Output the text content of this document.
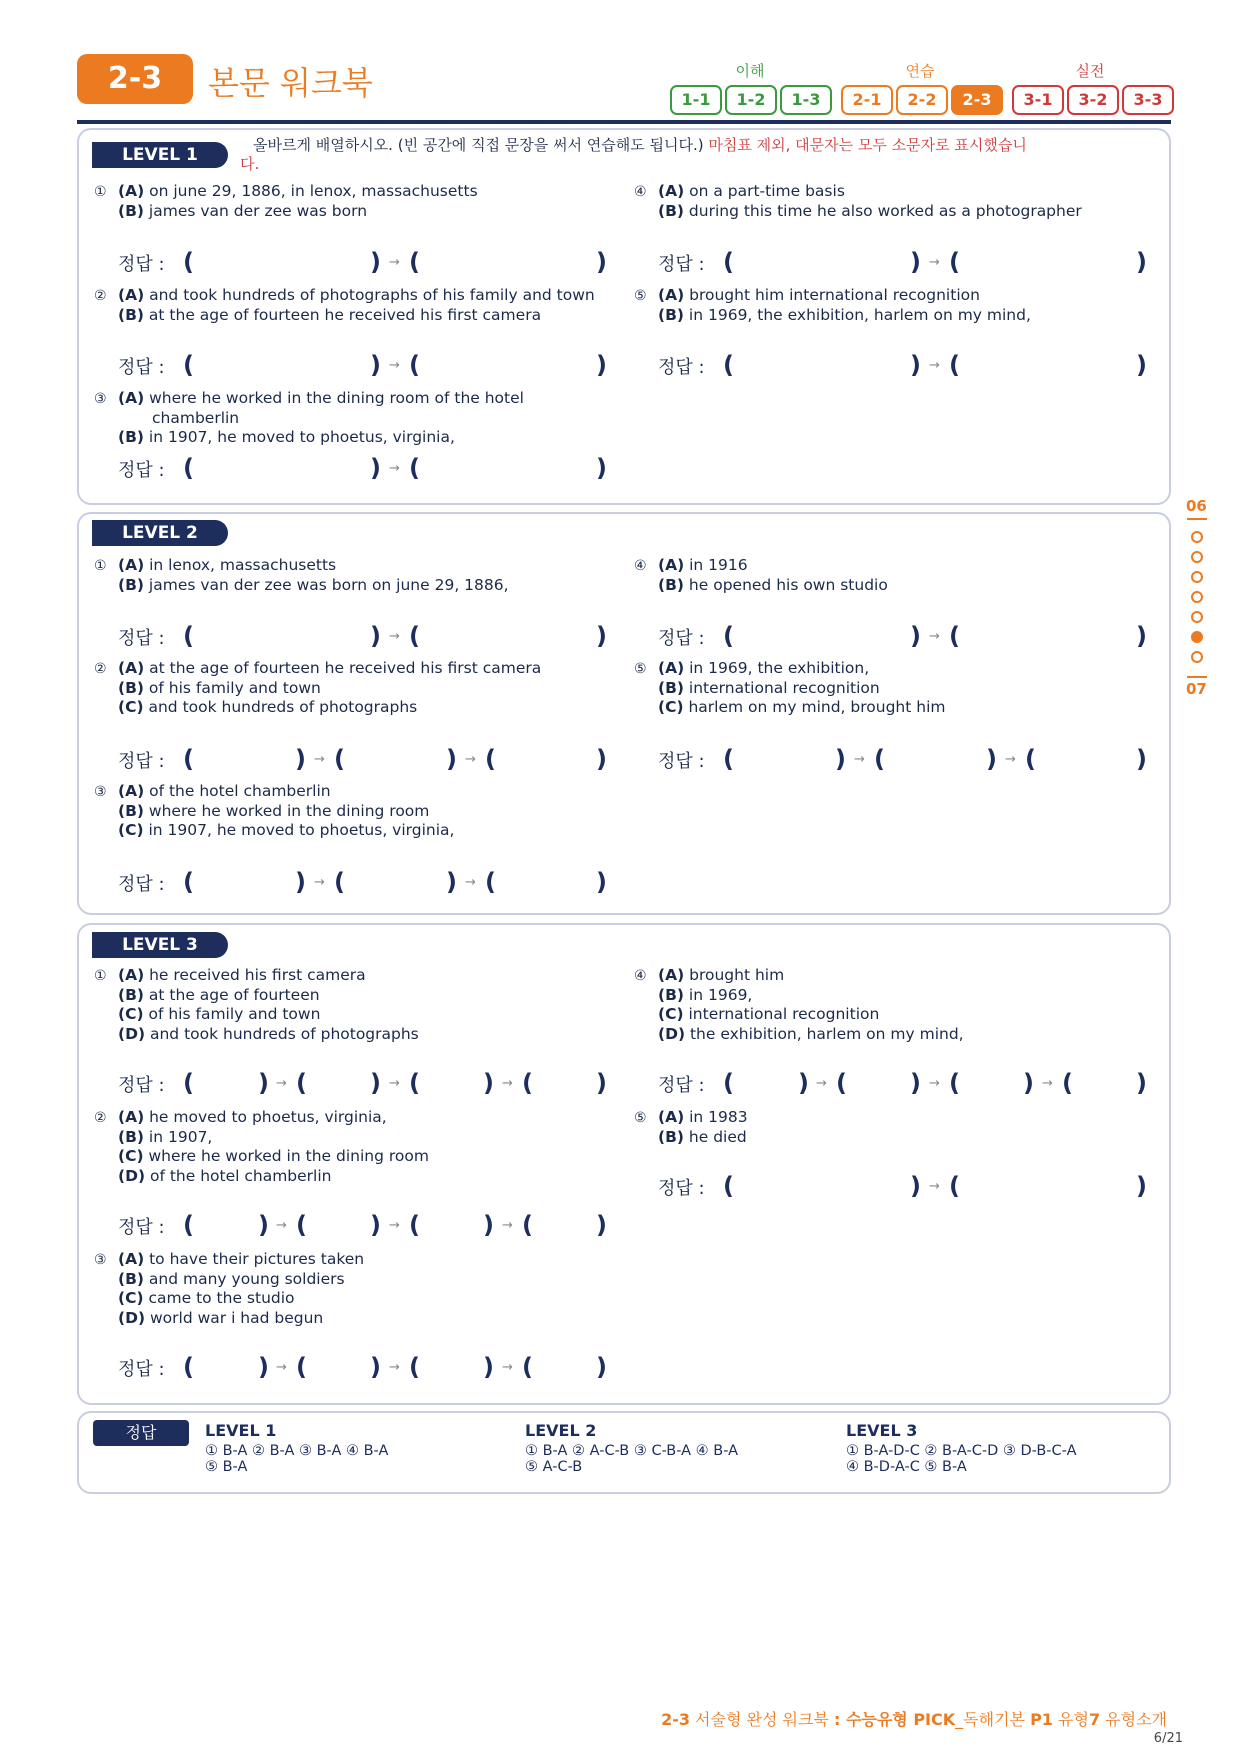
2-3	본문 워크북	이해	연습	실전
1-1	1-2	1-3	2-1	2-2	2-3	3-1	3-2	3-3
LEVEL 1	올바르게 배열하시오. (빈 공간에 직접 문장을 써서 연습해도 됩니다.) 마침표 제외, 대문자는 모두 소문자로 표시했습니
다.
① (A) on june 29, 1886, in lenox, massachusetts
(B) james van der zee was born
④ (A) on a part-time basis
(B) during this time he also worked as a photographer
② (A) and took hundreds of photographs of his family and town
(B) at the age of fourteen he received his first camera
⑤ (A) brought him international recognition
(B) in 1969, the exhibition, harlem on my mind,
③ (A) where he worked in the dining room of the hotel
chamberlin
(B) in 1907, he moved to phoetus, virginia,
정답 : (	) → (	)	정답 : (	) → (	)
정답 : (	) → (	)	정답 : (	) → (	)
정답 : (	) → (	)
LEVEL 2
① (A) in lenox, massachusetts
(B) james van der zee was born on june 29, 1886,
④ (A) in 1916
(B) he opened his own studio
② (A) at the age of fourteen he received his first camera
(B) of his family and town
(C) and took hundreds of photographs
⑤ (A) in 1969, the exhibition,
(B) international recognition
(C) harlem on my mind, brought him
③ (A) of the hotel chamberlin
(B) where he worked in the dining room
(C) in 1907, he moved to phoetus, virginia,
정답 : (	) → (	)	정답 : (	) → (	)
정답 : (	) → (	) → (	)	정답 : (	) → (	) → (	)
정답 : (	) → (	) → (	)
LEVEL 3
① (A) he received his first camera
(B) at the age of fourteen
(C) of his family and town
(D) and took hundreds of photographs
④ (A) brought him
(B) in 1969,
(C) international recognition
(D) the exhibition, harlem on my mind,
② (A) he moved to phoetus, virginia,
(B) in 1907,
(C) where he worked in the dining room
(D) of the hotel chamberlin
⑤ (A) in 1983
(B) he died
③ (A) to have their pictures taken
(B) and many young soldiers
(C) came to the studio
(D) world war i had begun
정답 : (	) → (	) → (	) → (	)	정답 : (	) → (	) → (	) → (	)
정답 : (	) → (	)
정답 : (	) → (	) → (	) → (	)
정답 : (	) → (	) → (	) → (	)
정답	LEVEL 1
① B-A ② B-A ③ B-A ④ B-A
⑤ B-A
LEVEL 2
① B-A ② A-C-B ③ C-B-A ④ B-A
⑤ A-C-B
LEVEL 3
① B-A-D-C ② B-A-C-D ③ D-B-C-A
④ B-D-A-C ⑤ B-A
06
07
2-3 서술형 완성 워크북 : 수능유형 PICK_독해기본 P1 유형7 유형소개
6/21
